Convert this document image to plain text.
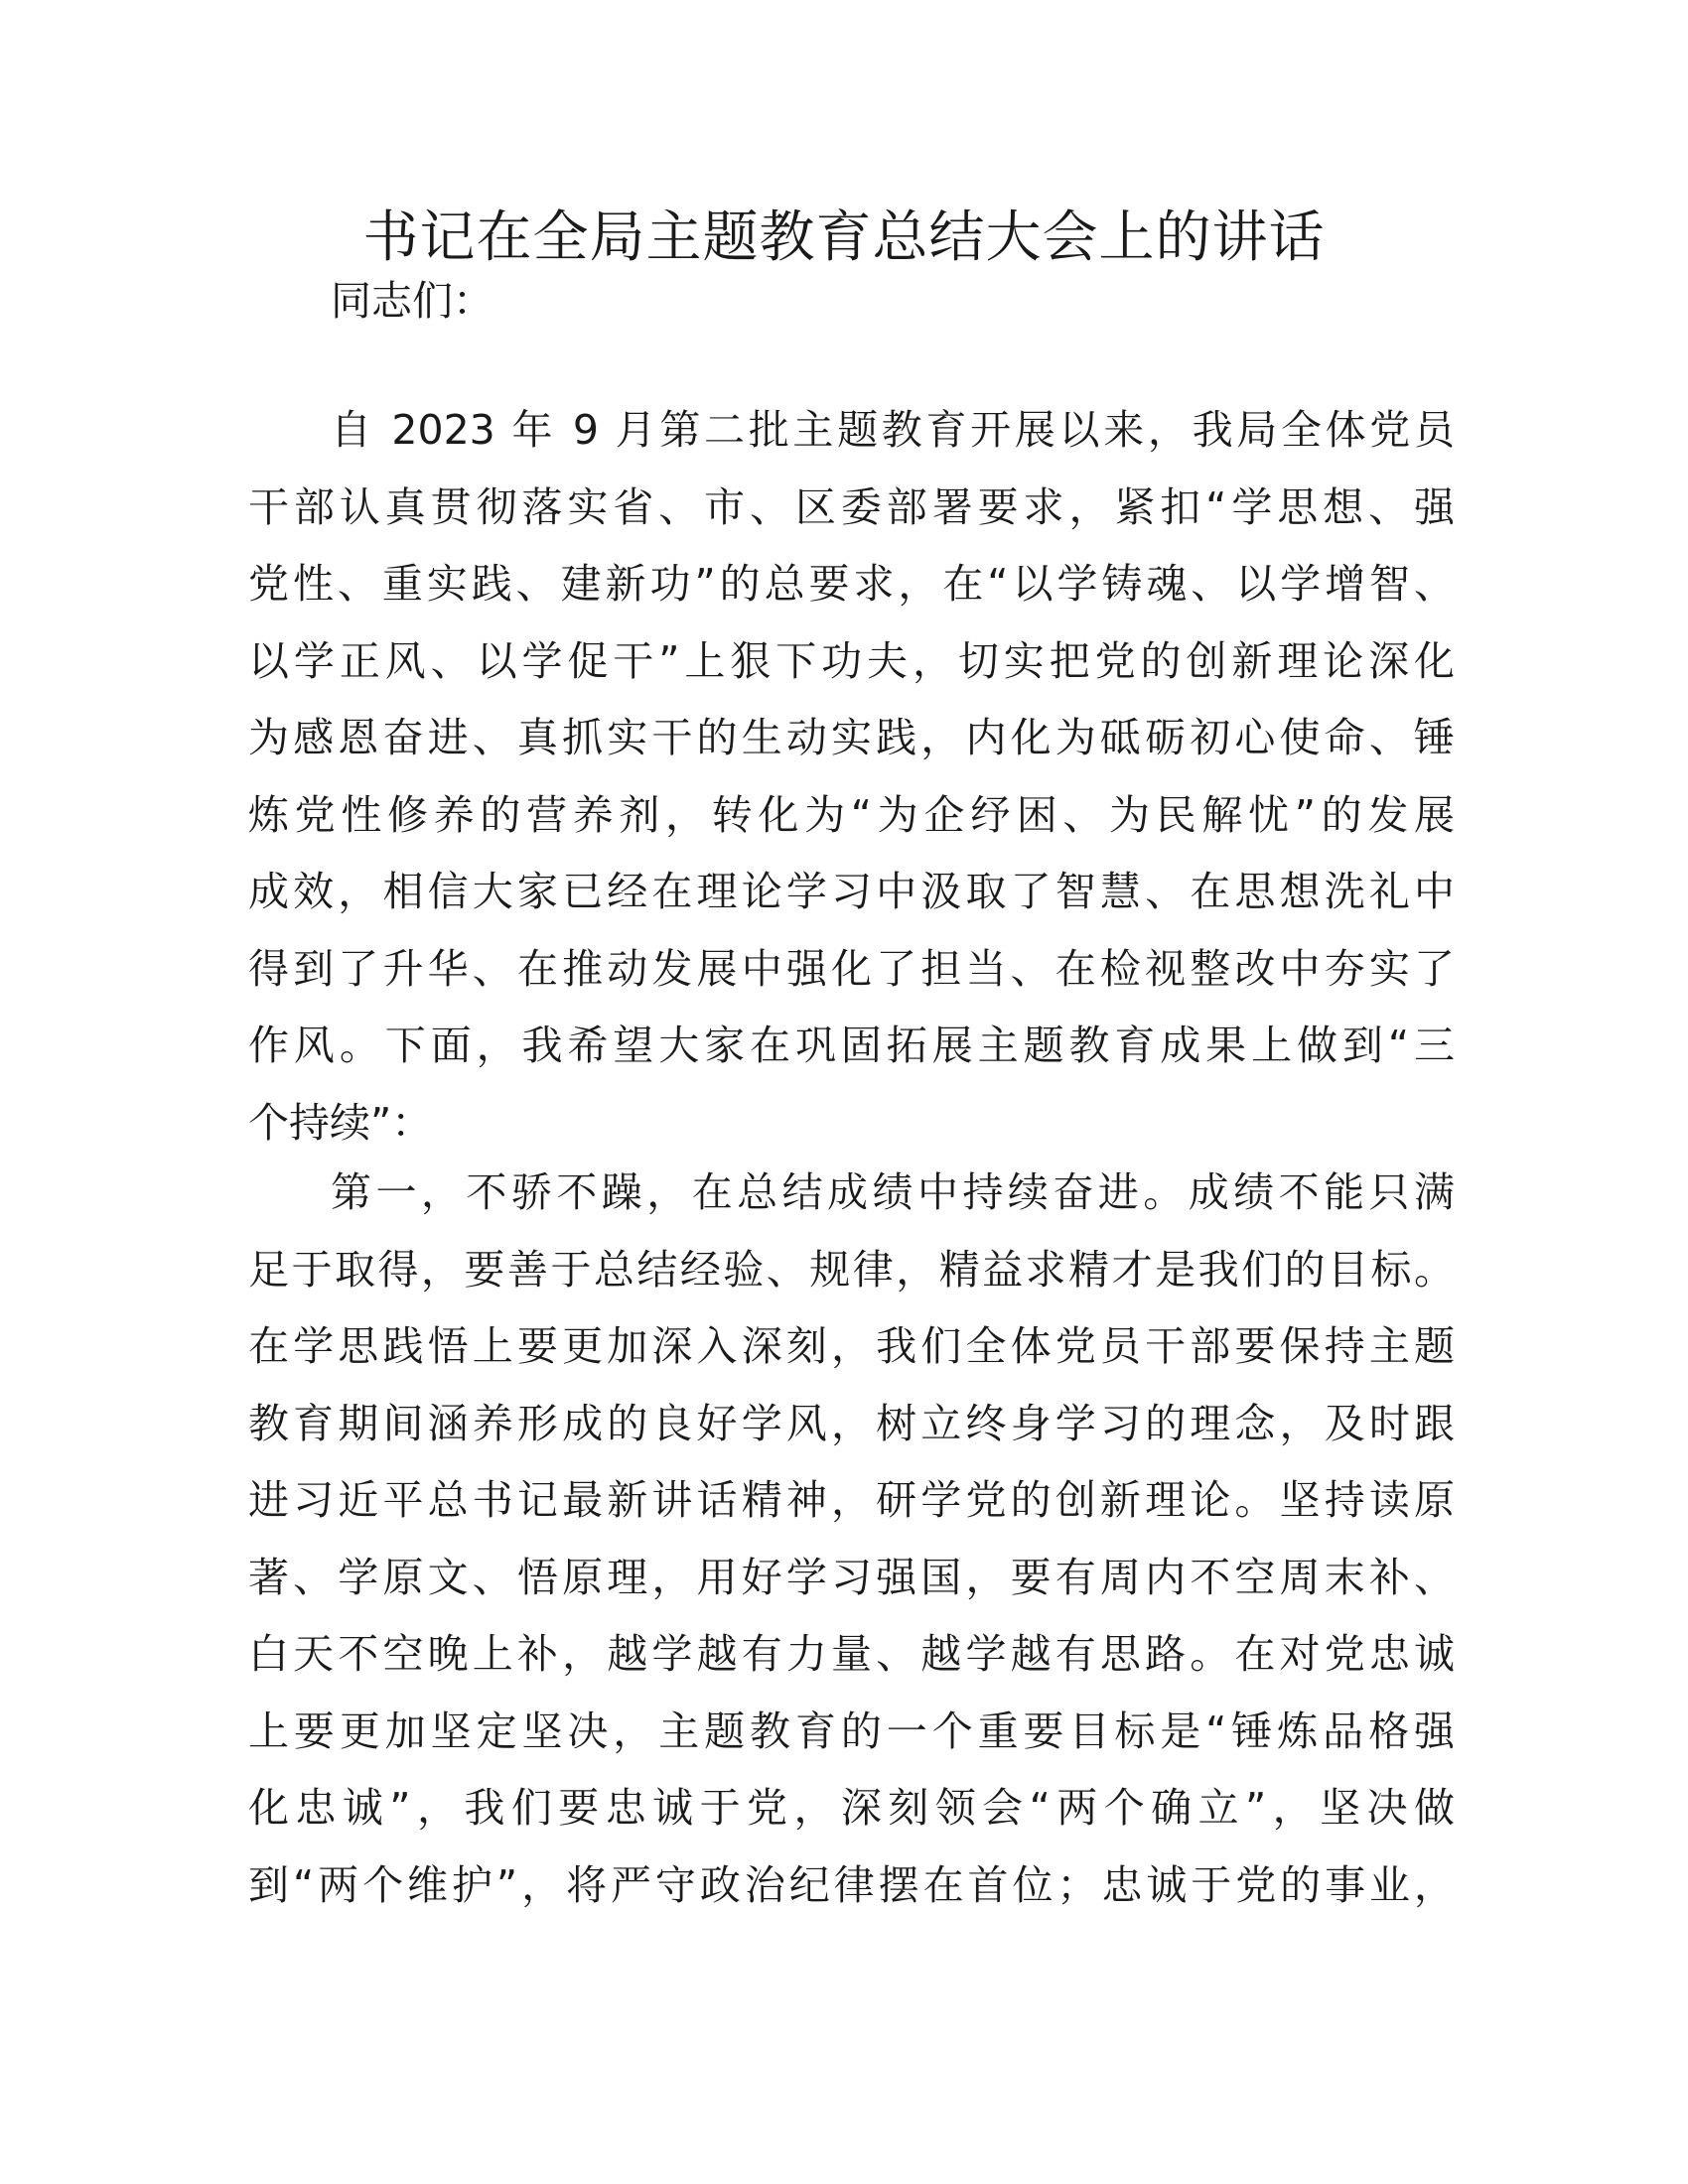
书记在全局主题教育总结大会上的讲话

同志们：

自 2023 年 9 月第二批主题教育开展以来，我局全体党员
干部认真贯彻落实省、市、区委部署要求，紧扣“学思想、强
党性、重实践、建新功”的总要求，在“以学铸魂、以学增智、
以学正风、以学促干”上狠下功夫，切实把党的创新理论深化
为感恩奋进、真抓实干的生动实践，内化为砥砺初心使命、锤
炼党性修养的营养剂，转化为“为企纾困、为民解忧”的发展
成效，相信大家已经在理论学习中汲取了智慧、在思想洗礼中
得到了升华、在推动发展中强化了担当、在检视整改中夯实了
作风。下面，我希望大家在巩固拓展主题教育成果上做到“三
个持续”：

第一，不骄不躁，在总结成绩中持续奋进。成绩不能只满
足于取得，要善于总结经验、规律，精益求精才是我们的目标。
在学思践悟上要更加深入深刻，我们全体党员干部要保持主题
教育期间涵养形成的良好学风，树立终身学习的理念，及时跟
进习近平总书记最新讲话精神，研学党的创新理论。坚持读原
著、学原文、悟原理，用好学习强国，要有周内不空周末补、
白天不空晚上补，越学越有力量、越学越有思路。在对党忠诚
上要更加坚定坚决，主题教育的一个重要目标是“锤炼品格强
化忠诚”，我们要忠诚于党，深刻领会“两个确立”，坚决做
到“两个维护”，将严守政治纪律摆在首位；忠诚于党的事业，
